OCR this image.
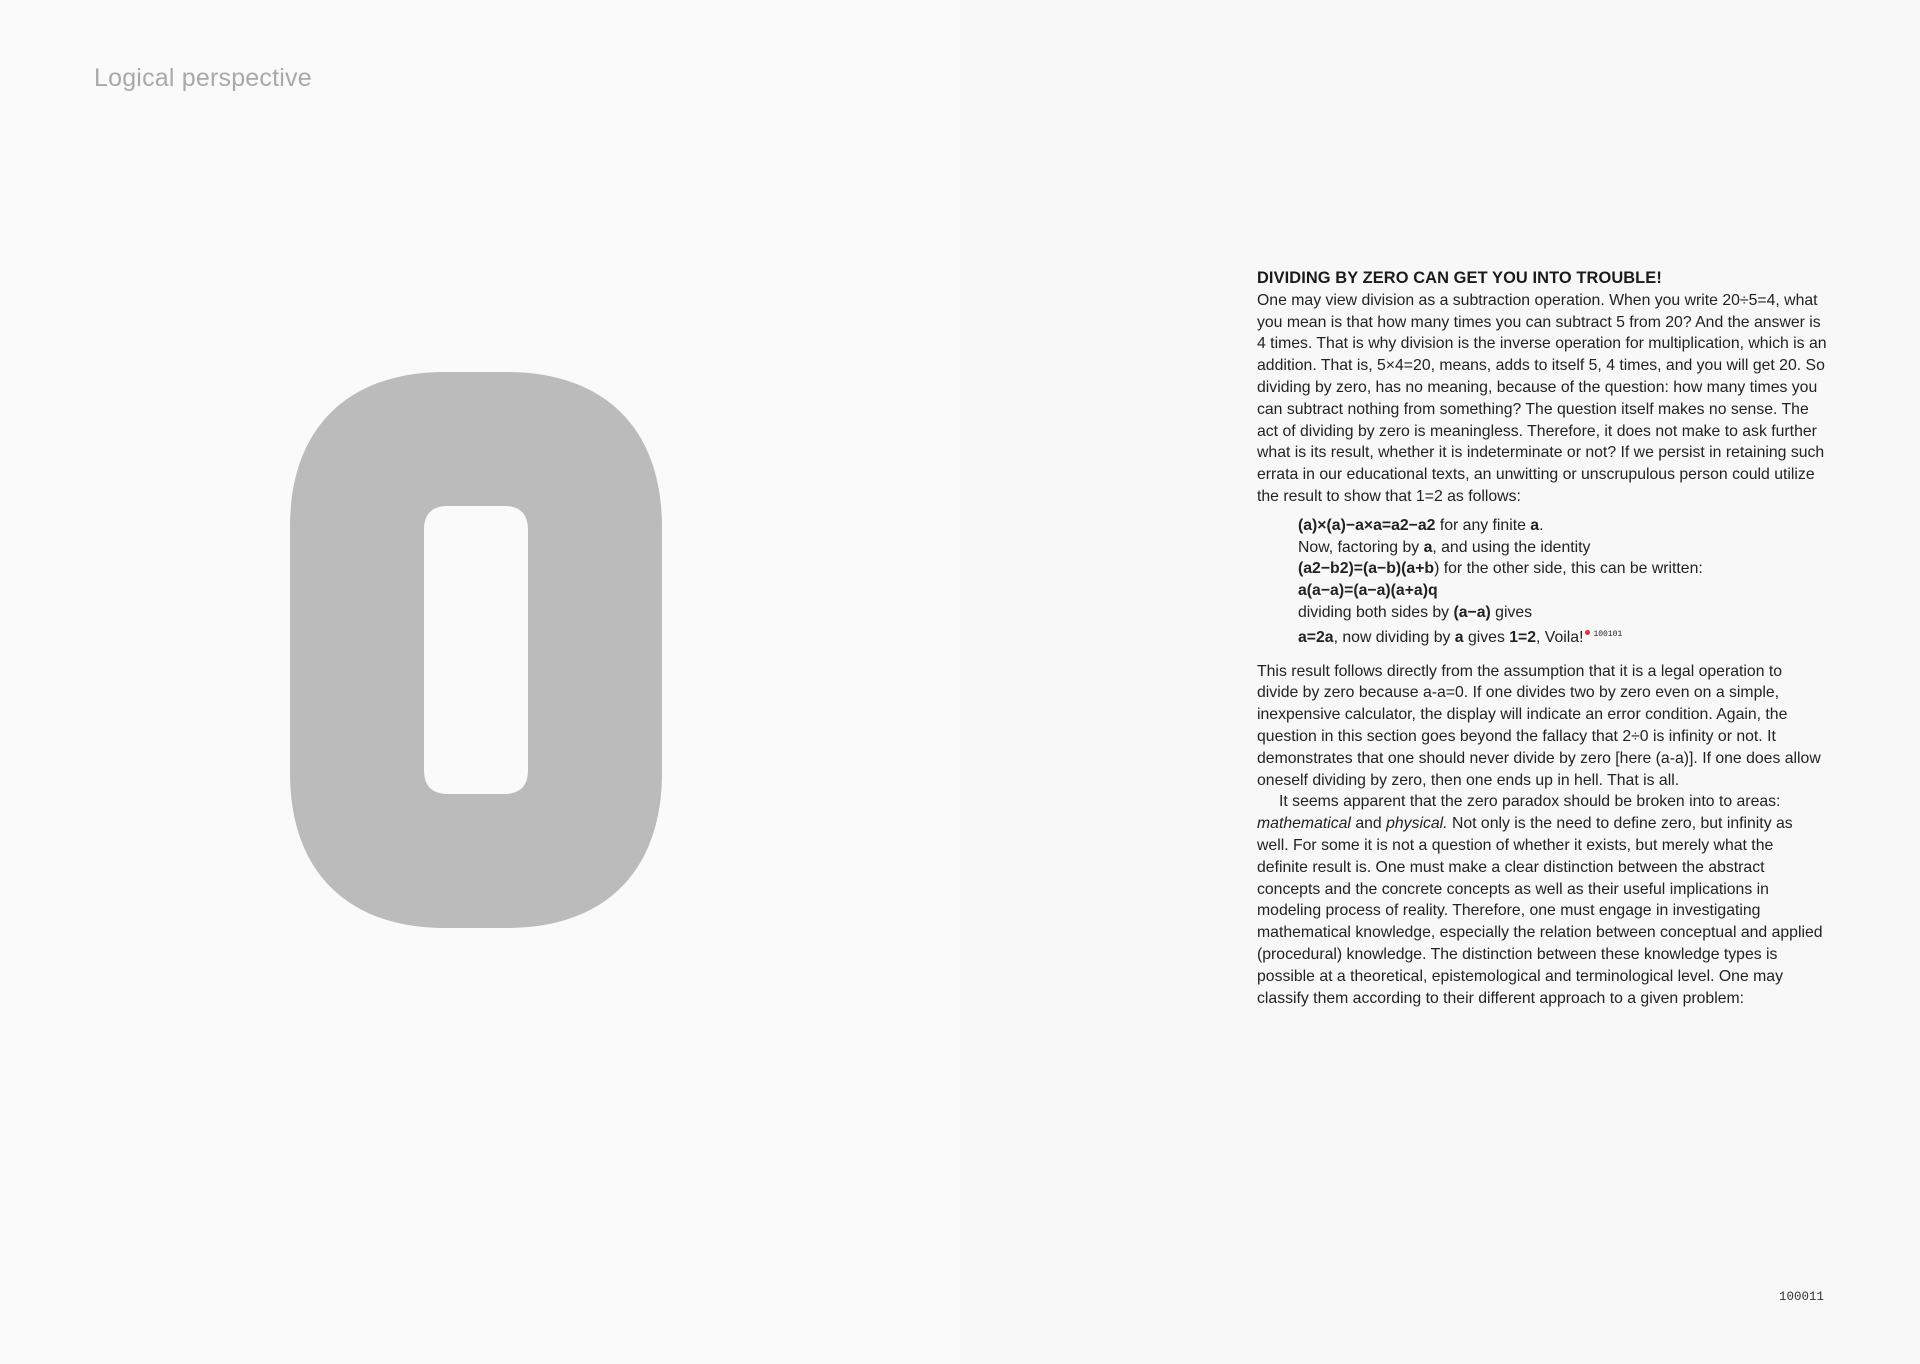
Logical perspective

DIVIDING BY ZERO CAN GET YOU INTO TROUBLE!

One may view division as a subtraction operation. When you write 20÷5=4, what you mean is that how many times you can subtract 5 from 20? And the answer is 4 times. That is why division is the inverse operation for multiplication, which is an addition. That is, 5×4=20, means, adds to itself 5, 4 times, and you will get 20. So dividing by zero, has no meaning, because of the question: how many times you can subtract nothing from something? The question itself makes no sense. The act of dividing by zero is meaningless. Therefore, it does not make to ask further what is its result, whether it is indeterminate or not? If we persist in retaining such errata in our educational texts, an unwitting or unscrupulous person could utilize the result to show that 1=2 as follows:

(a)×(a)−a×a=a2−a2 for any finite a.
Now, factoring by a, and using the identity
(a2−b2)=(a−b)(a+b) for the other side, this can be written:
a(a−a)=(a−a)(a+a)q
dividing both sides by (a−a) gives
a=2a, now dividing by a gives 1=2, Voila! $^{100101}$

This result follows directly from the assumption that it is a legal operation to divide by zero because a-a=0. If one divides two by zero even on a simple, inexpensive calculator, the display will indicate an error condition. Again, the question in this section goes beyond the fallacy that 2÷0 is infinity or not. It demonstrates that one should never divide by zero [here (a-a)]. If one does allow oneself dividing by zero, then one ends up in hell. That is all.

It seems apparent that the zero paradox should be broken into to areas: mathematical and physical. Not only is the need to define zero, but infinity as well. For some it is not a question of whether it exists, but merely what the definite result is. One must make a clear distinction between the abstract concepts and the concrete concepts as well as their useful implications in modeling process of reality. Therefore, one must engage in investigating mathematical knowledge, especially the relation between conceptual and applied (procedural) knowledge. The distinction between these knowledge types is possible at a theoretical, epistemological and terminological level. One may classify them according to their different approach to a given problem:

100011
